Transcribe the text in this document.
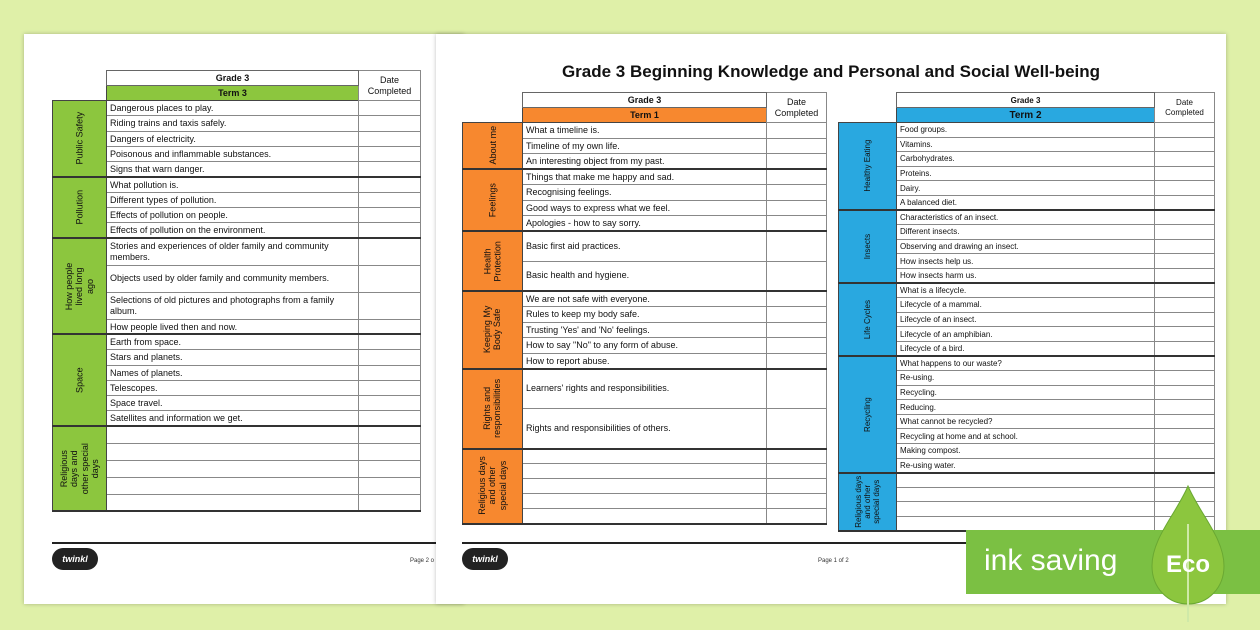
	Grade 3	Date Completed
	Term 3	

Public Safety	Dangerous places to play.	
	Riding trains and taxis safely.	
	Dangers of electricity.	
	Poisonous and inflammable substances.	
	Signs that warn danger.	

Pollution	What pollution is.	
	Different types of pollution.	
	Effects of pollution on people.	
	Effects of pollution on the environment.	

How people lived long ago	Stories and experiences of older family and community members.	
	Objects used by older family and community members.	
	Selections of old pictures and photographs from a family album.	
	How people lived then and now.	

Space	Earth from space.	
	Stars and planets.	
	Names of planets.	
	Telescopes.	
	Space travel.	
	Satellites and information we get.	

Religious days and other special days		

twinkl	Page 2 o
Grade 3 Beginning Knowledge and Personal and Social Well-being
	Grade 3	Date Completed
	Term 1	

About me	What a timeline is.	
	Timeline of my own life.	
	An interesting object from my past.	

Feelings	Things that make me happy and sad.	
	Recognising feelings.	
	Good ways to express what we feel.	
	Apologies - how to say sorry.	

Health Protection	Basic first aid practices.	
	Basic health and hygiene.	

Keeping My Body Safe	We are not safe with everyone.	
	Rules to keep my body safe.	
	Trusting 'Yes' and 'No' feelings.	
	How to say "No" to any form of abuse.	
	How to report abuse.	

Rights and responsibilities	Learners' rights and responsibilities.	
	Rights and responsibilities of others.	

Religious days and other special days		

	Grade 3	Date Completed
	Term 2	

Healthy Eating	Food groups.	
	Vitamins.	
	Carbohydrates.	
	Proteins.	
	Dairy.	
	A balanced diet.	

Insects	Characteristics of an insect.	
	Different insects.	
	Observing and drawing an insect.	
	How insects help us.	
	How insects harm us.	

Life Cycles	What is a lifecycle.	
	Lifecycle of a mammal.	
	Lifecycle of an insect.	
	Lifecycle of an amphibian.	
	Lifecycle of a bird.	

Recycling	What happens to our waste?	
	Re-using.	
	Recycling.	
	Reducing.	
	What cannot be recycled?	
	Recycling at home and at school.	
	Making compost.	
	Re-using water.	

Religious days and other special days		

twinkl	Page 1 of 2	ink saving Eco
